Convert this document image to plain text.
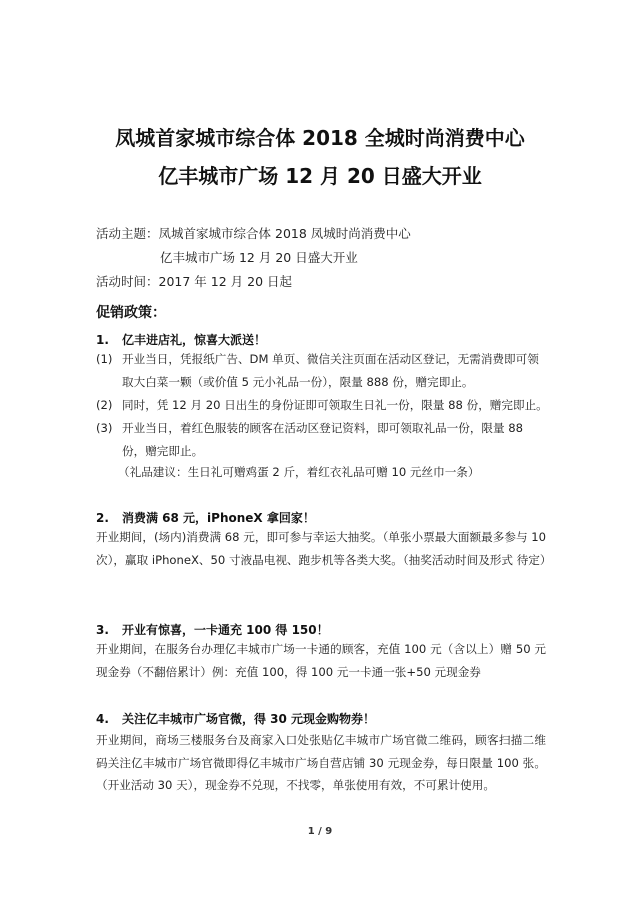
凤城首家城市综合体 2018 全城时尚消费中心
亿丰城市广场 12 月 20 日盛大开业
活动主题：凤城首家城市综合体 2018 凤城时尚消费中心
亿丰城市广场 12 月 20 日盛大开业
活动时间：2017 年 12 月 20 日起
促销政策：
1. 亿丰进店礼，惊喜大派送！
(1) 开业当日，凭报纸广告、DM 单页、微信关注页面在活动区登记，无需消费即可领取大白菜一颗（或价值 5 元小礼品一份），限量 888 份，赠完即止。
(2) 同时，凭 12 月 20 日出生的身份证即可领取生日礼一份，限量 88 份，赠完即止。
(3) 开业当日，着红色服装的顾客在活动区登记资料，即可领取礼品一份，限量 88 份，赠完即止。
（礼品建议：生日礼可赠鸡蛋 2 斤，着红衣礼品可赠 10 元丝巾一条）
2. 消费满 68 元，iPhoneX 拿回家！
开业期间，(场内)消费满 68 元，即可参与幸运大抽奖。（单张小票最大面额最多参与 10 次），赢取 iPhoneX、50 寸液晶电视、跑步机等各类大奖。（抽奖活动时间及形式 待定）
3. 开业有惊喜，一卡通充 100 得 150！
开业期间，在服务台办理亿丰城市广场一卡通的顾客，充值 100 元（含以上）赠 50 元现金券（不翻倍累计）例：充值 100，得 100 元一卡通一张+50 元现金券
4. 关注亿丰城市广场官微，得 30 元现金购物券！
开业期间，商场三楼服务台及商家入口处张贴亿丰城市广场官微二维码，顾客扫描二维码关注亿丰城市广场官微即得亿丰城市广场自营店铺 30 元现金券，每日限量 100 张。（开业活动 30 天），现金券不兑现，不找零，单张使用有效，不可累计使用。
1 / 9
